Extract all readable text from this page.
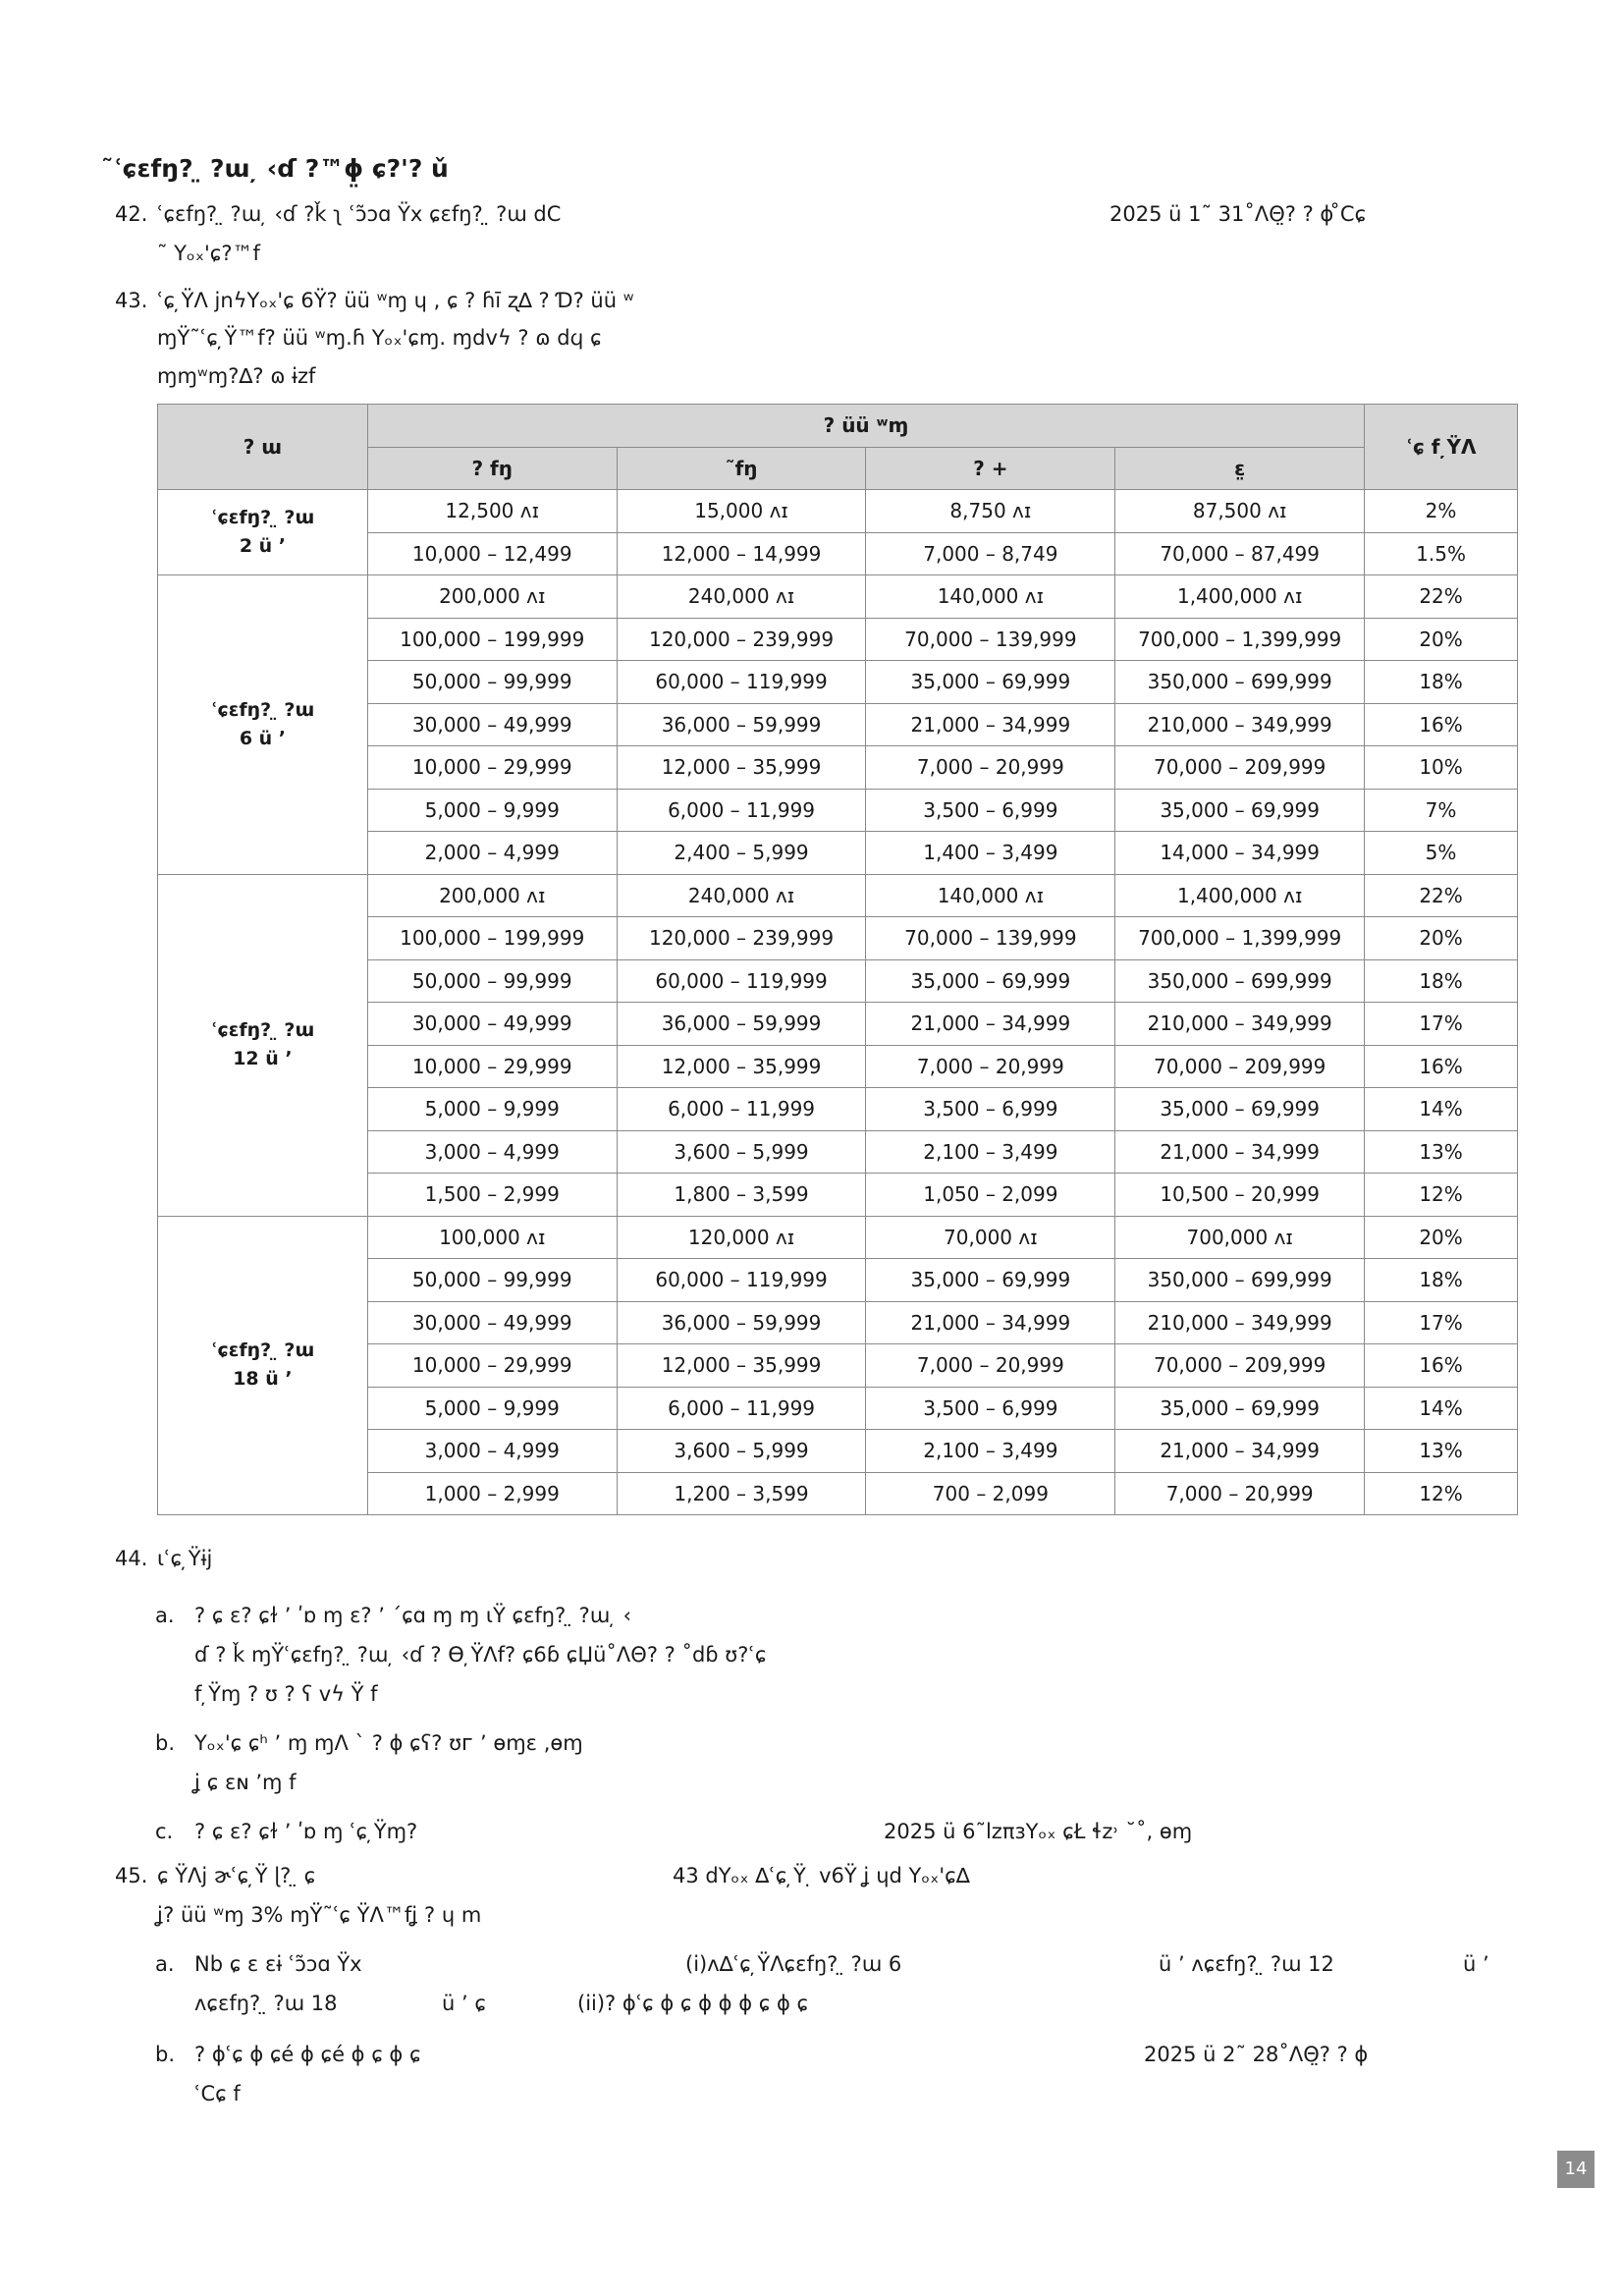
˜ʿɕɛfŋ? ̤ ?ɯ ̦ ‹ɗ ?™ɸ̤ ɕ?'? ǔ
42. ʿɕɛfŋ? ̤ ?ɯ ̦ ‹ɗ ?ǩ ʅ ʿɔ̃ɔɑ Ÿx ɕɛfŋ? ̤ ?ɯ dC	2025 ü 1˜ 31˚ɅΘ̤? ? ɸ ̊Cɕ
˜ Yₒₓ'ɕ?™f
43. ʿɕ ̦ŸɅ jnϟYₒₓ'ɕ 6Ÿ? üü ʷɱ ɥ , ɕ ? ɦī ʐ∆ ? Ɗ? üü ʷ
ɱŸ˜ʿɕ ̦Ÿ™f? üü ʷɱ.ɦ Yₒₓ'ɕɱ. ɱdvϟ ? ɷ dϥ ɕ
ɱɱʷɱ?∆? ɷ ɨzf
? ɯ	? üü ʷɱ				ʿɕ f ̦ŸɅ
	? fŋ	˜fŋ	? +	ɛ̤	

ʿɕɛfŋ? ̤ ?ɯ
2 ü ʼ	12,500 ʌɪ	15,000 ʌɪ	8,750 ʌɪ	87,500 ʌɪ	2%
	10,000 – 12,499	12,000 – 14,999	7,000 – 8,749	70,000 – 87,499	1.5%

ʿɕɛfŋ? ̤ ?ɯ
6 ü ʼ	200,000 ʌɪ	240,000 ʌɪ	140,000 ʌɪ	1,400,000 ʌɪ	22%
	100,000 – 199,999	120,000 – 239,999	70,000 – 139,999	700,000 – 1,399,999	20%
	50,000 – 99,999	60,000 – 119,999	35,000 – 69,999	350,000 – 699,999	18%
	30,000 – 49,999	36,000 – 59,999	21,000 – 34,999	210,000 – 349,999	16%
	10,000 – 29,999	12,000 – 35,999	7,000 – 20,999	70,000 – 209,999	10%
	5,000 – 9,999	6,000 – 11,999	3,500 – 6,999	35,000 – 69,999	7%
	2,000 – 4,999	2,400 – 5,999	1,400 – 3,499	14,000 – 34,999	5%

ʿɕɛfŋ? ̤ ?ɯ
12 ü ʼ	200,000 ʌɪ	240,000 ʌɪ	140,000 ʌɪ	1,400,000 ʌɪ	22%
	100,000 – 199,999	120,000 – 239,999	70,000 – 139,999	700,000 – 1,399,999	20%
	50,000 – 99,999	60,000 – 119,999	35,000 – 69,999	350,000 – 699,999	18%
	30,000 – 49,999	36,000 – 59,999	21,000 – 34,999	210,000 – 349,999	17%
	10,000 – 29,999	12,000 – 35,999	7,000 – 20,999	70,000 – 209,999	16%
	5,000 – 9,999	6,000 – 11,999	3,500 – 6,999	35,000 – 69,999	14%
	3,000 – 4,999	3,600 – 5,999	2,100 – 3,499	21,000 – 34,999	13%
	1,500 – 2,999	1,800 – 3,599	1,050 – 2,099	10,500 – 20,999	12%

ʿɕɛfŋ? ̤ ?ɯ
18 ü ʼ	100,000 ʌɪ	120,000 ʌɪ	70,000 ʌɪ	700,000 ʌɪ	20%
	50,000 – 99,999	60,000 – 119,999	35,000 – 69,999	350,000 – 699,999	18%
	30,000 – 49,999	36,000 – 59,999	21,000 – 34,999	210,000 – 349,999	17%
	10,000 – 29,999	12,000 – 35,999	7,000 – 20,999	70,000 – 209,999	16%
	5,000 – 9,999	6,000 – 11,999	3,500 – 6,999	35,000 – 69,999	14%
	3,000 – 4,999	3,600 – 5,999	2,100 – 3,499	21,000 – 34,999	13%
	1,000 – 2,999	1,200 – 3,599	700 – 2,099	7,000 – 20,999	12%
44. ɩʿɕ ̦Ÿɨj
a. ? ɕ ɛ? ɕɫ ʼ ʹɒ ɱ ɛ? ʼ ˊɕɑ ɱ ɱ ɩŸ ɕɛfŋ? ̤ ?ɯ ̦ ‹
ɗ ? ǩ ɱŸʿɕɛfŋ? ̤ ?ɯ ̦ ‹ɗ ? Ɵ ̦ŸɅf? ɕ6ɓ ɕЏü˚ɅΘ? ? ˚dɓ ʊ?ʿɕ
f ̦Ÿɱ ? ʊ ? ʕ vϟ Ÿ f
b. Yₒₓ'ɕ ɕʰ ʼ ɱ ɱɅ ˋ ? ɸ ɕʕ? ʊᴦ ʼ ɵɱɛ ,ɵɱ
ʝ ɕ ɛɴ ʼɱ f
c. ? ɕ ɛ? ɕɫ ʼ ʹɒ ɱ ʿɕ ̦Ÿɱ?	2025 ü 6˜lzπɜYₒₓ ɕŁ ɬz˒ ˘˚, ɵɱ
45. ɕ ŸɅj ɚʿɕ ̦Ÿ ɭ? ̤ ɕ	43 dYₒₓ ∆ʿɕ ̦Ÿ ̣ v6Ÿ ʝ ɥd Yₒₓ'ɕ∆
ʝ? üü ʷɱ 3% ɱŸ˜ʿɕ ŸɅ™fʝ ? ɥ m
a. Nb ɕ ɛ ɛɨ ʿɔ̃ɔɑ Ÿx	(i)ʌ∆ʿɕ ̦ŸɅɕɛfŋ? ̤ ?ɯ 6	ü ʼ ʌɕɛfŋ? ̤ ?ɯ 12	ü ʼ
ʌɕɛfŋ? ̤ ?ɯ 18	ü ʼ ɕ	(ii)? ɸʿɕ ɸ ɕ ɸ ɸ ɸ ɕ ɸ ɕ
b. ? ɸʿɕ ɸ ɕé ɸ ɕé ɸ ɕ ɸ ɕ	2025 ü 2˜ 28˚ɅΘ̤? ? ɸ
ʿCɕ f
14
